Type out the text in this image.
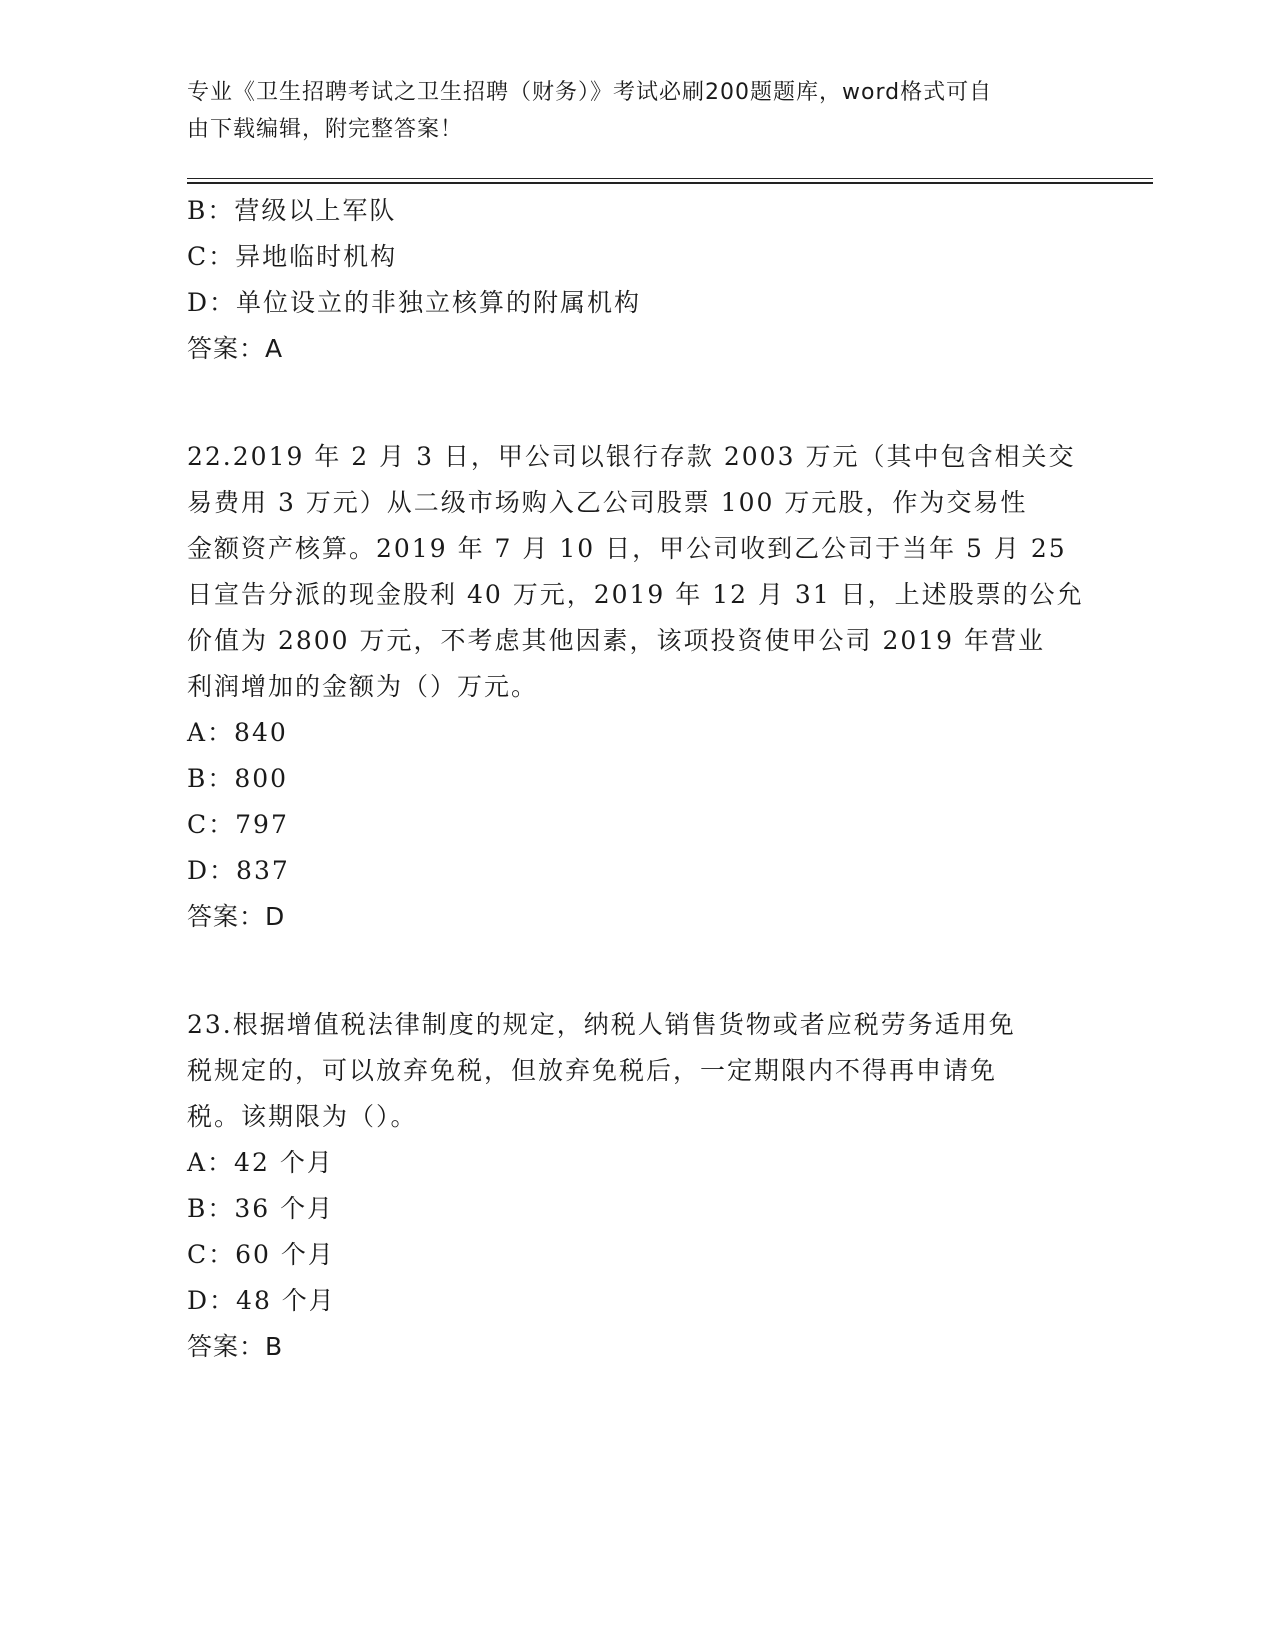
专业《卫生招聘考试之卫生招聘（财务）》考试必刷200题题库，word格式可自
由下载编辑，附完整答案！
B：营级以上军队
C：异地临时机构
D：单位设立的非独立核算的附属机构
答案：A
22.2019 年 2 月 3 日，甲公司以银行存款 2003 万元（其中包含相关交
易费用 3 万元）从二级市场购入乙公司股票 100 万元股，作为交易性
金额资产核算。2019 年 7 月 10 日，甲公司收到乙公司于当年 5 月 25
日宣告分派的现金股利 40 万元，2019 年 12 月 31 日，上述股票的公允
价值为 2800 万元，不考虑其他因素，该项投资使甲公司 2019 年营业
利润增加的金额为（）万元。
A：840
B：800
C：797
D：837
答案：D
23.根据增值税法律制度的规定，纳税人销售货物或者应税劳务适用免
税规定的，可以放弃免税，但放弃免税后，一定期限内不得再申请免
税。该期限为（）。
A：42 个月
B：36 个月
C：60 个月
D：48 个月
答案：B
